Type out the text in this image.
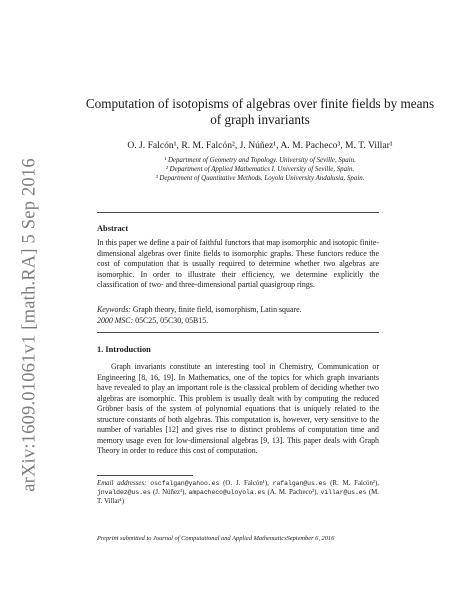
arXiv:1609.01061v1 [math.RA] 5 Sep 2016
Computation of isotopisms of algebras over finite fields by means of graph invariants
O. J. Falcón¹, R. M. Falcón², J. Núñez¹, A. M. Pacheco³, M. T. Villar¹
¹ Department of Geometry and Topology. University of Seville, Spain.
² Department of Applied Mathematics I. University of Seville, Spain.
³ Department of Quantitative Methods. Loyola University Andalusia, Spain.
Abstract
In this paper we define a pair of faithful functors that map isomorphic and isotopic finite-dimensional algebras over finite fields to isomorphic graphs. These functors reduce the cost of computation that is usually required to determine whether two algebras are isomorphic. In order to illustrate their efficiency, we determine explicitly the classification of two- and three-dimensional partial quasigroup rings.
Keywords: Graph theory, finite field, isomorphism, Latin square.
2000 MSC: 05C25, 05C30, 05B15.
1. Introduction
Graph invariants constitute an interesting tool in Chemistry, Communication or Engineering [8, 16, 19]. In Mathematics, one of the topics for which graph invariants have revealed to play an important role is the classical problem of deciding whether two algebras are isomorphic. This problem is usually dealt with by computing the reduced Gröbner basis of the system of polynomial equations that is uniquely related to the structure constants of both algebras. This computation is, however, very sensitive to the number of variables [12] and gives rise to distinct problems of computation time and memory usage even for low-dimensional algebras [9, 13]. This paper deals with Graph Theory in order to reduce this cost of computation.
Email addresses: oscfalgan@yahoo.es (O. J. Falcón¹), rafalgan@us.es (R. M. Falcón²), jnvaldez@us.es (J. Núñez¹), ampacheco@uloyola.es (A. M. Pacheco³), villar@us.es (M. T. Villar¹)
Preprint submitted to Journal of Computational and Applied MathematicsSeptember 6, 2016
